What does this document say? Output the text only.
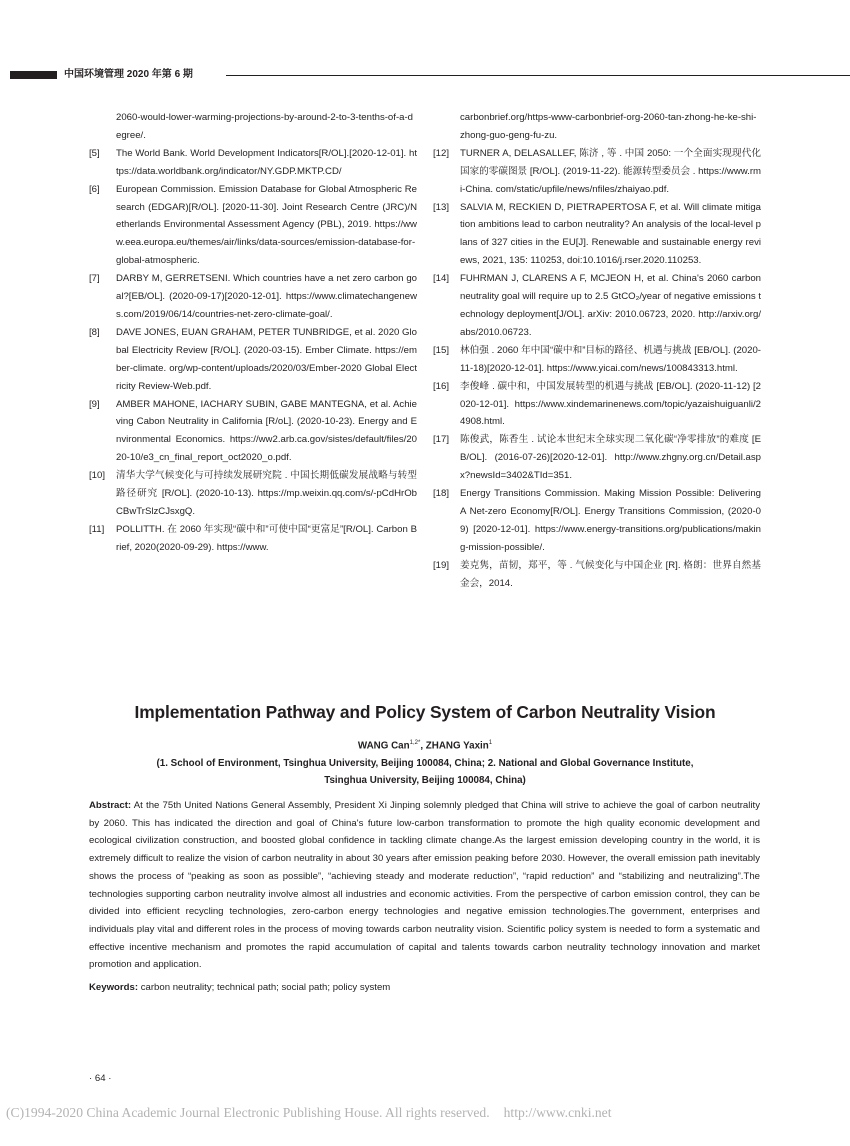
中国环境管理 2020 年第 6 期
2060-would-lower-warming-projections-by-around-2-to-3-tenths-of-a-degree/.
[5] The World Bank. World Development Indicators[R/OL].[2020-12-01]. https://data.worldbank.org/indicator/NY.GDP.MKTP.CD/
[6] European Commission. Emission Database for Global Atmospheric Research (EDGAR)[R/OL]. [2020-11-30]. Joint Research Centre (JRC)/Netherlands Environmental Assessment Agency (PBL), 2019. https://www.eea.europa.eu/themes/air/links/data-sources/emission-database-for-global-atmospheric.
[7] DARBY M, GERRETSENI. Which countries have a net zero carbon goal?[EB/OL]. (2020-09-17)[2020-12-01]. https://www.climatechangenews.com/2019/06/14/countries-net-zero-climate-goal/.
[8] DAVE JONES, EUAN GRAHAM, PETER TUNBRIDGE, et al. 2020 Global Electricity Review [R/OL]. (2020-03-15). Ember Climate. https://ember-climate. org/wp-content/uploads/2020/03/Ember-2020 Global Electricity Review-Web.pdf.
[9] AMBER MAHONE, IACHARY SUBIN, GABE MANTEGNA, et al. Achieving Cabon Neutrality in California [R/oL]. (2020-10-23). Energy and Environmental Economics. https://ww2.arb.ca.gov/sistes/default/files/2020-10/e3_cn_final_report_oct2020_o.pdf.
[10] 清华大学气候变化与可持续发展研究院 . 中国长期低碳发展战略与转型路径研究 [R/OL]. (2020-10-13). https://mp.weixin.qq.com/s/-pCdHrObCBwTrSlzCJsxgQ.
[11] POLLITTH. 在 2060 年实现“碳中和”可使中国“更富足”[R/OL]. Carbon Brief, 2020(2020-09-29). https://www.
carbonbrief.org/https-www-carbonbrief-org-2060-tan-zhong-he-ke-shi-zhong-guo-geng-fu-zu.
[12] TURNER A, DELASALLEF, 陈济 , 等 . 中国 2050: 一个全面实现现代化国家的零碳图景 [R/OL]. (2019-11-22). 能源转型委员会 . https://www.rmi-China. com/static/upfile/news/nfiles/zhaiyao.pdf.
[13] SALVIA M, RECKIEN D, PIETRAPERTOSA F, et al. Will climate mitigation ambitions lead to carbon neutrality? An analysis of the local-level plans of 327 cities in the EU[J]. Renewable and sustainable energy reviews, 2021, 135: 110253, doi:10.1016/j.rser.2020.110253.
[14] FUHRMAN J, CLARENS A F, MCJEON H, et al. China's 2060 carbon neutrality goal will require up to 2.5 GtCO₂/year of negative emissions technology deployment[J/OL]. arXiv: 2010.06723, 2020. http://arxiv.org/abs/2010.06723.
[15] 林伯强 . 2060 年中国“碳中和”目标的路径、机遇与挑战 [EB/OL]. (2020-11-18)[2020-12-01]. https://www.yicai.com/news/100843313.html.
[16] 李俊峰 . 碳中和，中国发展转型的机遇与挑战 [EB/OL]. (2020-11-12) [2020-12-01]. https://www.xindemarinenews.com/topic/yazaishuiguanli/24908.html.
[17] 陈俊武，陈香生 . 试论本世纪末全球实现二氧化碳“净零排放”的难度 [EB/OL]. (2016-07-26)[2020-12-01]. http://www.zhgny.org.cn/Detail.aspx?newsId=3402&TId=351.
[18] Energy Transitions Commission. Making Mission Possible: Delivering A Net-zero Economy[R/OL]. Energy Transitions Commission, (2020-09) [2020-12-01]. https://www.energy-transitions.org/publications/making-mission-possible/.
[19] 姜克隽，苗韧，郑平，等 . 气候变化与中国企业 [R]. 格朗：世界自然基金会，2014.
Implementation Pathway and Policy System of Carbon Neutrality Vision
WANG Can$^{1,2*}$, ZHANG Yaxin$^1$
(1. School of Environment, Tsinghua University, Beijing 100084, China; 2. National and Global Governance Institute,
Tsinghua University, Beijing 100084, China)
Abstract: At the 75th United Nations General Assembly, President Xi Jinping solemnly pledged that China will strive to achieve the goal of carbon neutrality by 2060. This has indicated the direction and goal of China's future low-carbon transformation to promote the high quality economic development and ecological civilization construction, and boosted global confidence in tackling climate change.As the largest emission developing country in the world, it is extremely difficult to realize the vision of carbon neutrality in about 30 years after emission peaking before 2030. However, the overall emission path inevitably shows the process of “peaking as soon as possible”, “achieving steady and moderate reduction”, “rapid reduction” and “stabilizing and neutralizing”.The technologies supporting carbon neutrality involve almost all industries and economic activities. From the perspective of carbon emission control, they can be divided into efficient recycling technologies, zero-carbon energy technologies and negative emission technologies.The government, enterprises and individuals play vital and different roles in the process of moving towards carbon neutrality vision. Scientific policy system is needed to form a systematic and effective incentive mechanism and promotes the rapid accumulation of capital and talents towards carbon neutrality technology innovation and market promotion and application.
Keywords: carbon neutrality; technical path; social path; policy system
· 64 ·
(C)1994-2020 China Academic Journal Electronic Publishing House. All rights reserved. http://www.cnki.net
